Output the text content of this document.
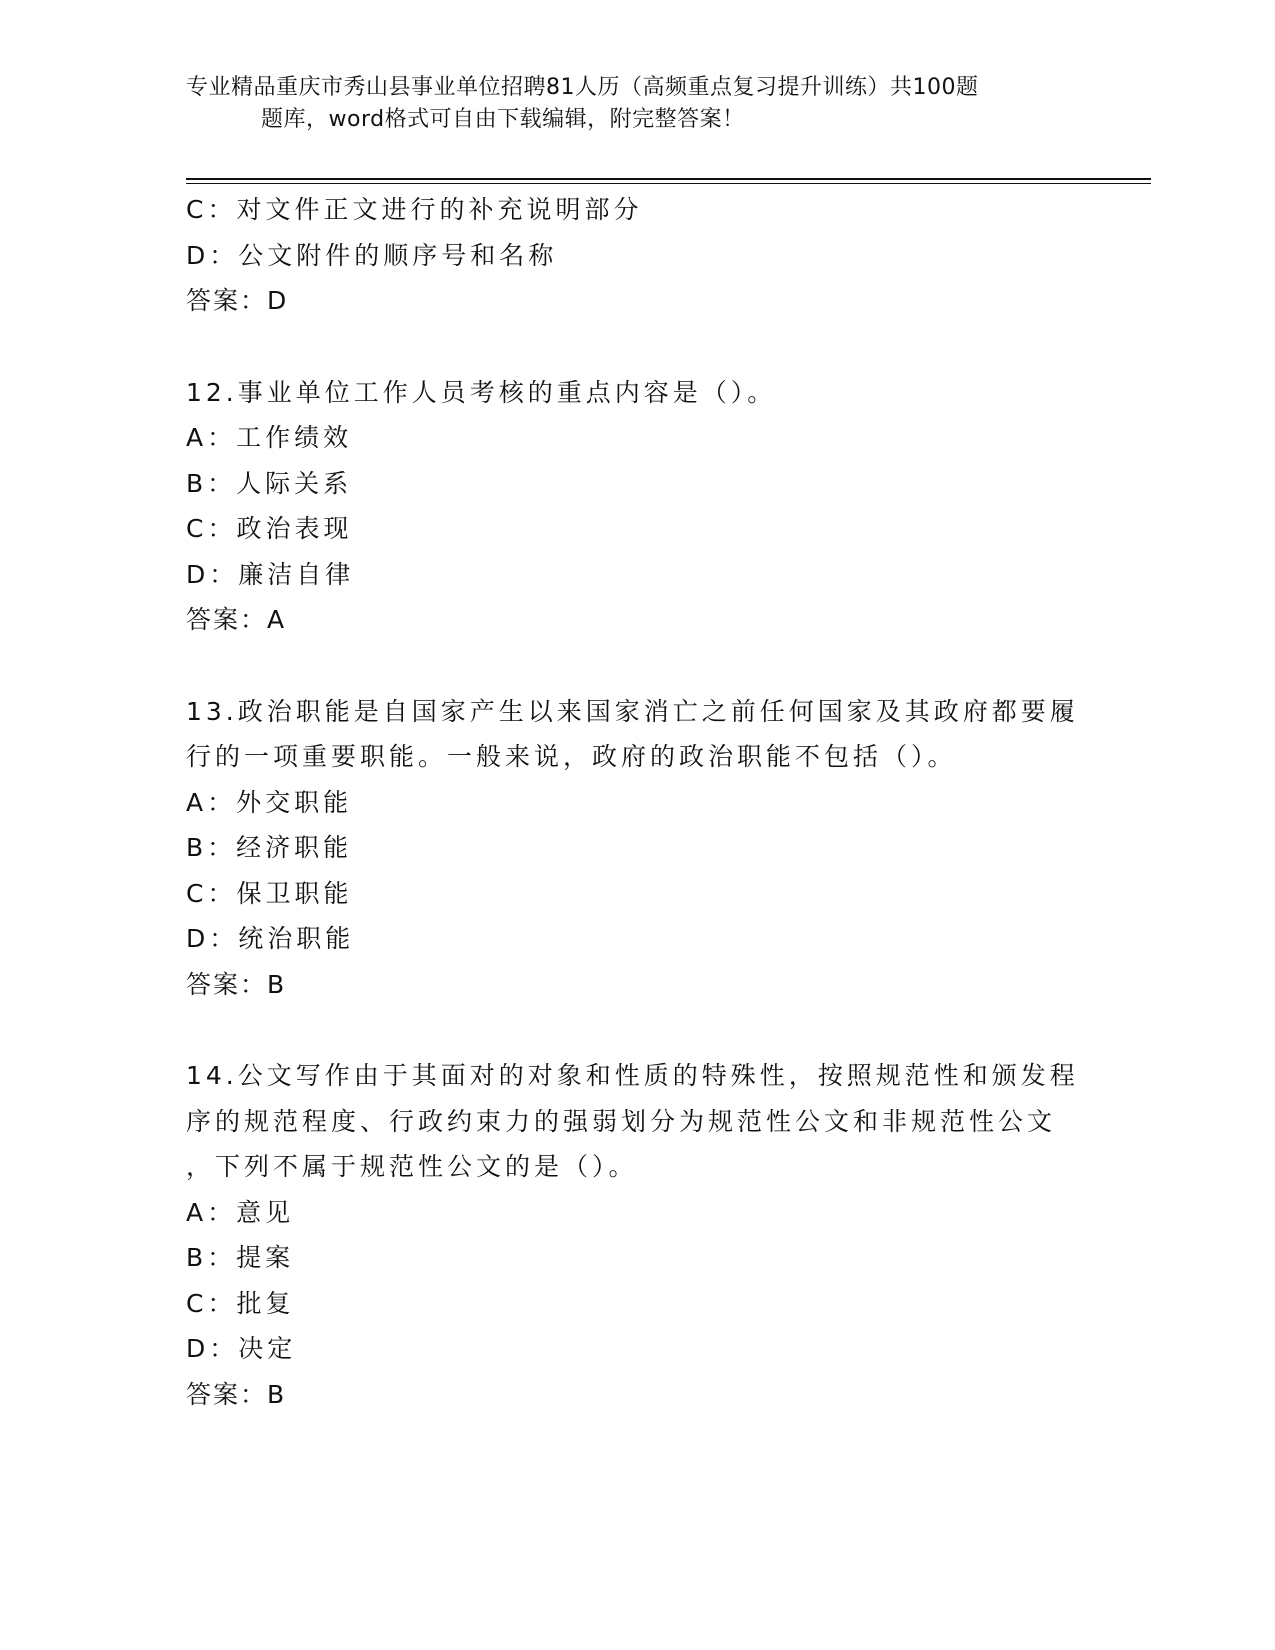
专业精品重庆市秀山县事业单位招聘81人历（高频重点复习提升训练）共100题
题库，word格式可自由下载编辑，附完整答案！
C：对文件正文进行的补充说明部分
D：公文附件的顺序号和名称
答案：D
12.事业单位工作人员考核的重点内容是（）。
A：工作绩效
B：人际关系
C：政治表现
D：廉洁自律
答案：A
13.政治职能是自国家产生以来国家消亡之前任何国家及其政府都要履
行的一项重要职能。一般来说，政府的政治职能不包括（）。
A：外交职能
B：经济职能
C：保卫职能
D：统治职能
答案：B
14.公文写作由于其面对的对象和性质的特殊性，按照规范性和颁发程
序的规范程度、行政约束力的强弱划分为规范性公文和非规范性公文
，下列不属于规范性公文的是（）。
A：意见
B：提案
C：批复
D：决定
答案：B
